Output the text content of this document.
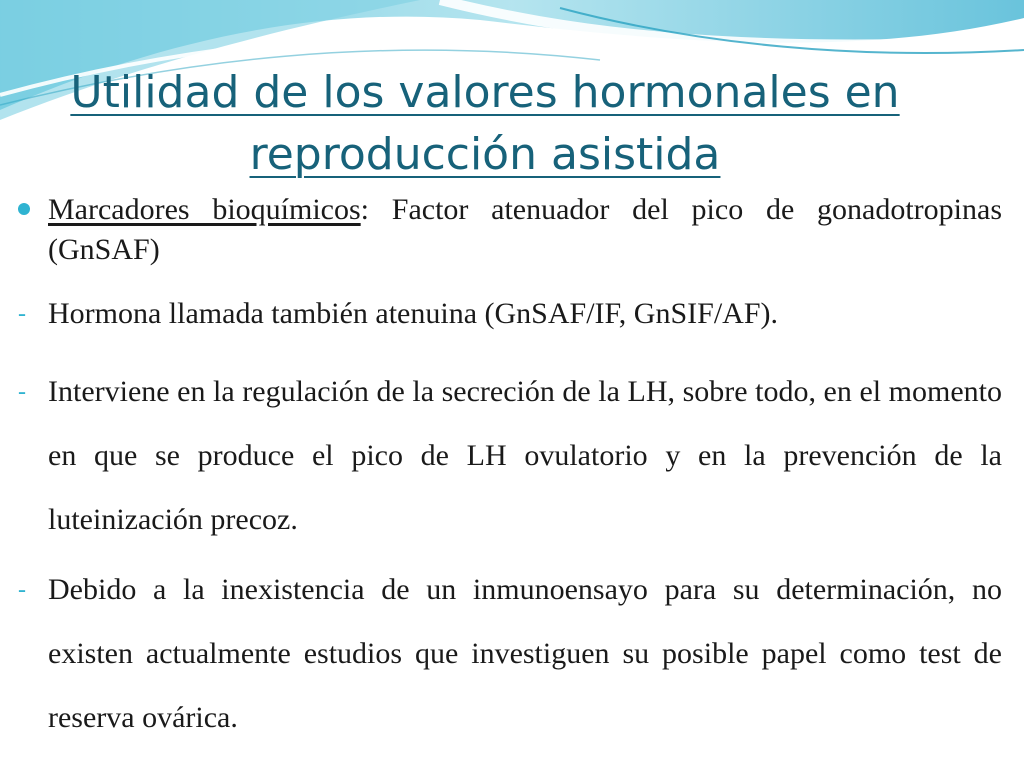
Utilidad de los valores hormonales en
reproducción asistida
Marcadores bioquímicos: Factor atenuador del pico de gonadotropinas (GnSAF)
- Hormona llamada también atenuina (GnSAF/IF, GnSIF/AF).
- Interviene en la regulación de la secreción de la LH, sobre todo, en el momento en que se produce el pico de LH ovulatorio y en la prevención de la luteinización precoz.
- Debido a la inexistencia de un inmunoensayo para su determinación, no existen actualmente estudios que investiguen su posible papel como test de reserva ovárica.
